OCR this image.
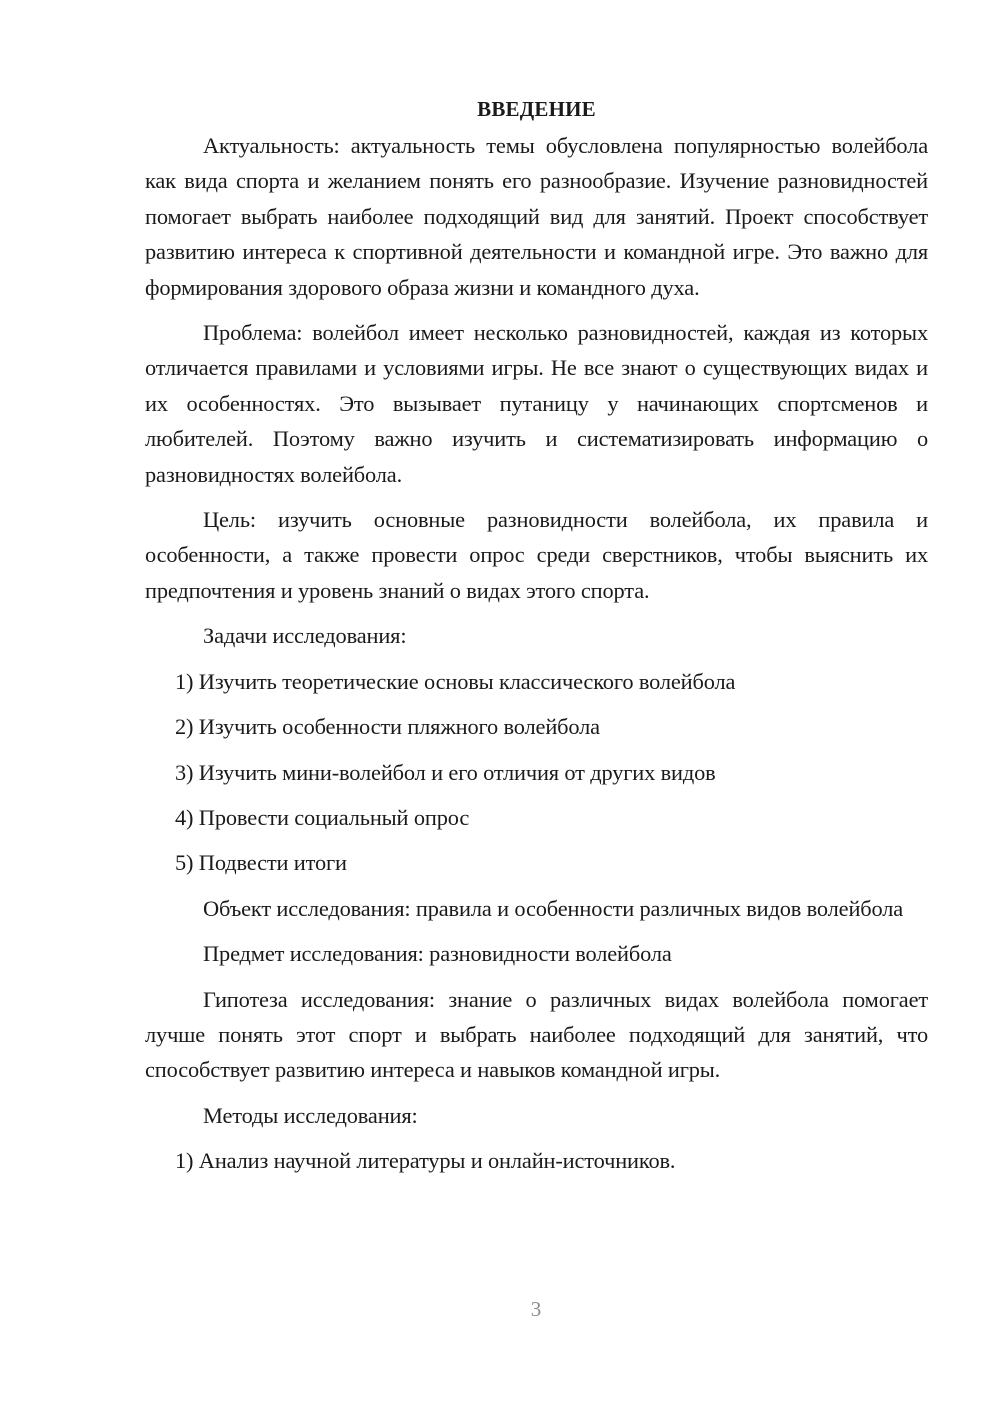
ВВЕДЕНИЕ

Актуальность: актуальность темы обусловлена популярностью волейбола как вида спорта и желанием понять его разнообразие. Изучение разновидностей помогает выбрать наиболее подходящий вид для занятий. Проект способствует развитию интереса к спортивной деятельности и командной игре. Это важно для формирования здорового образа жизни и командного духа.

Проблема: волейбол имеет несколько разновидностей, каждая из которых отличается правилами и условиями игры. Не все знают о существующих видах и их особенностях. Это вызывает путаницу у начинающих спортсменов и любителей. Поэтому важно изучить и систематизировать информацию о разновидностях волейбола.

Цель: изучить основные разновидности волейбола, их правила и особенности, а также провести опрос среди сверстников, чтобы выяснить их предпочтения и уровень знаний о видах этого спорта.

Задачи исследования:

1) Изучить теоретические основы классического волейбола
2) Изучить особенности пляжного волейбола
3) Изучить мини-волейбол и его отличия от других видов
4) Провести социальный опрос
5) Подвести итоги

Объект исследования: правила и особенности различных видов волейбола

Предмет исследования: разновидности волейбола

Гипотеза исследования: знание о различных видах волейбола помогает лучше понять этот спорт и выбрать наиболее подходящий для занятий, что способствует развитию интереса и навыков командной игры.

Методы исследования:

1) Анализ научной литературы и онлайн-источников.
3
